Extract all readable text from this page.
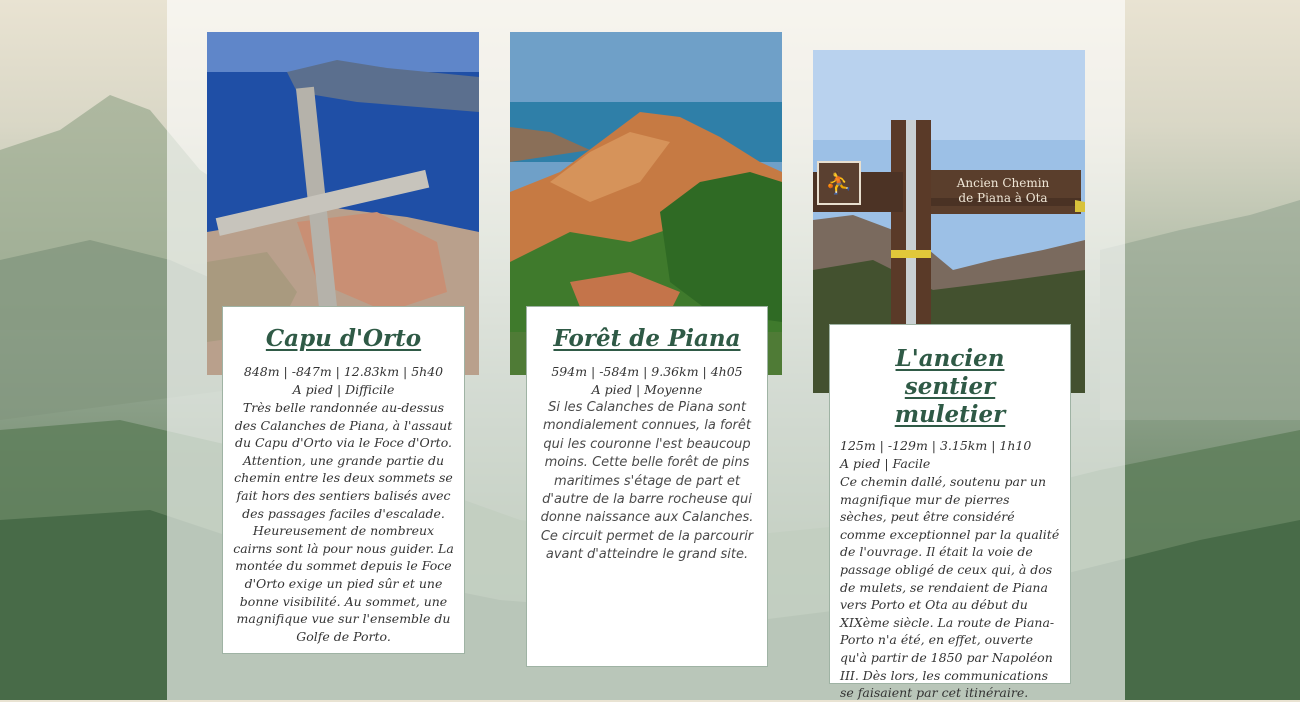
⛹	Ancien Chemin
de Piana à Ota
Capu d'Orto
848m | -847m | 12.83km | 5h40
A pied | Difficile
Très belle randonnée au-dessus des Calanches de Piana, à l'assaut du Capu d'Orto via le Foce d'Orto. Attention, une grande partie du chemin entre les deux sommets se fait hors des sentiers balisés avec des passages faciles d'escalade. Heureusement de nombreux cairns sont là pour nous guider. La montée du sommet depuis le Foce d'Orto exige un pied sûr et une bonne visibilité. Au sommet, une magnifique vue sur l'ensemble du Golfe de Porto.
Forêt de Piana
594m | -584m | 9.36km | 4h05
A pied | Moyenne
Si les Calanches de Piana sont mondialement connues, la forêt qui les couronne l'est beaucoup moins. Cette belle forêt de pins maritimes s'étage de part et d'autre de la barre rocheuse qui donne naissance aux Calanches. Ce circuit permet de la parcourir avant d'atteindre le grand site.
L'ancien sentier muletier
125m | -129m | 3.15km | 1h10
A pied | Facile
Ce chemin dallé, soutenu par un magnifique mur de pierres sèches, peut être considéré comme exceptionnel par la qualité de l'ouvrage. Il était la voie de passage obligé de ceux qui, à dos de mulets, se rendaient de Piana vers Porto et Ota au début du XIXème siècle. La route de Piana-Porto n'a été, en effet, ouverte qu'à partir de 1850 par Napoléon III. Dès lors, les communications se faisaient par cet itinéraire.
